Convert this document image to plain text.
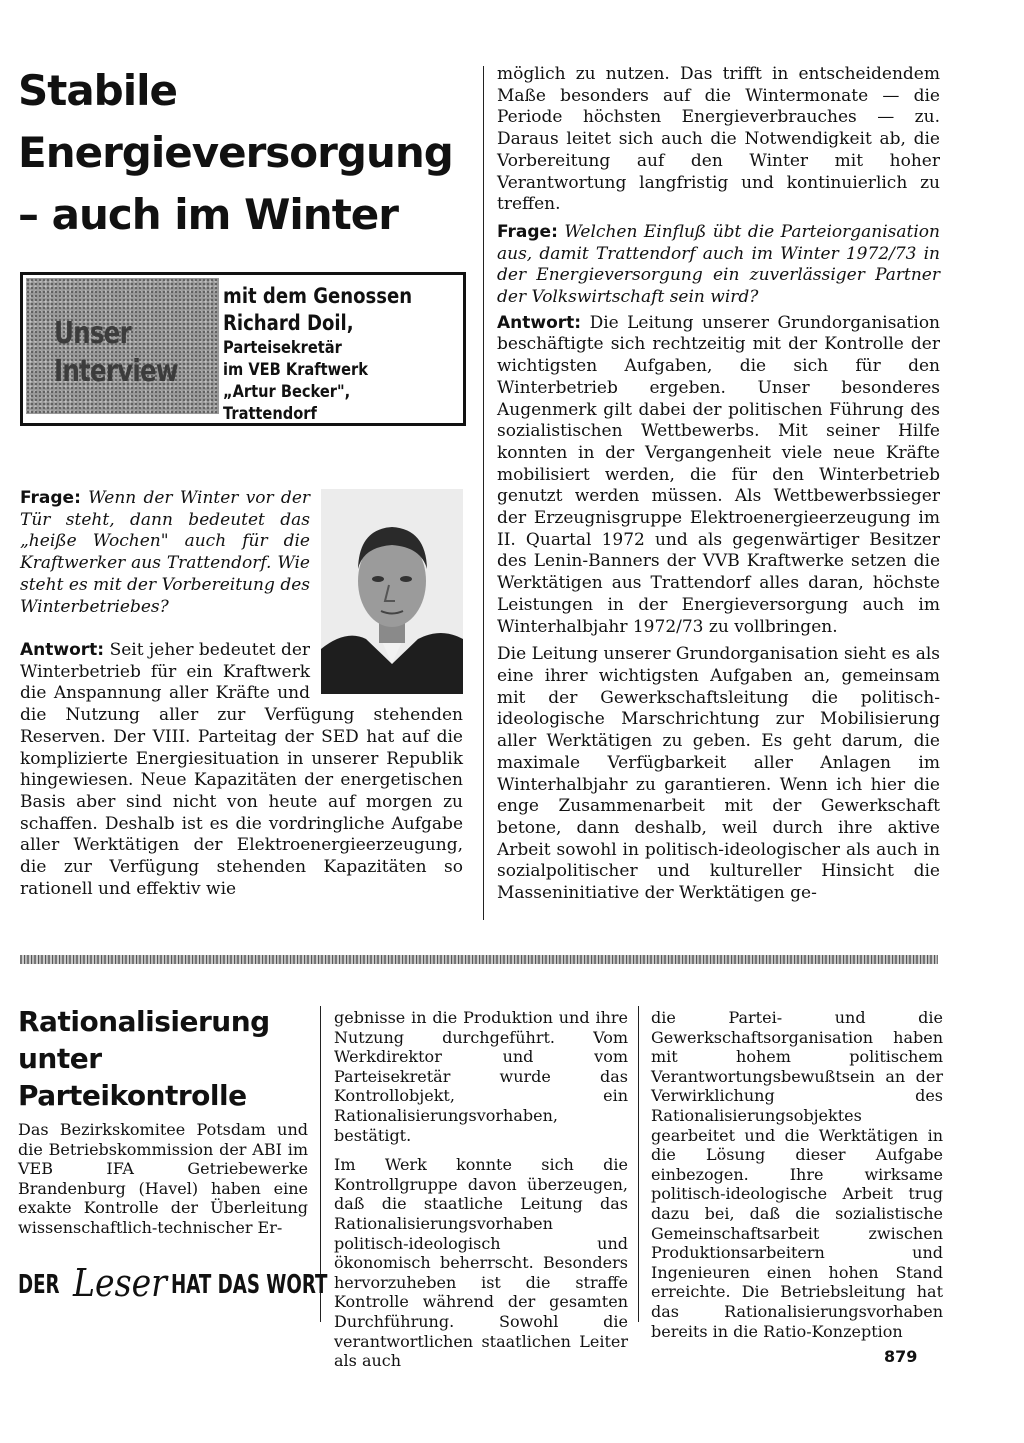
Stabile
Energieversorgung
– auch im Winter
Unser
Interview
mit dem Genossen
Richard Doil,
Parteisekretär
im VEB Kraftwerk
„Artur Becker",
Trattendorf

Frage: Wenn der Winter vor der Tür steht, dann bedeutet das „heiße Wochen" auch für die Kraftwerker aus Trattendorf. Wie steht es mit der Vorbereitung des Winterbetriebes?

Antwort: Seit jeher bedeutet der Winterbetrieb für ein Kraftwerk die Anspannung aller Kräfte und die Nutzung aller zur Verfügung stehenden Reserven. Der VIII. Parteitag der SED hat auf die komplizierte Energiesituation in unserer Republik hingewiesen. Neue Kapazitäten der energetischen Basis aber sind nicht von heute auf morgen zu schaffen. Deshalb ist es die vordringliche Aufgabe aller Werktätigen der Elektroenergieerzeugung, die zur Verfügung stehenden Kapazitäten so rationell und effektiv wie

möglich zu nutzen. Das trifft in entscheidendem Maße besonders auf die Wintermonate — die Periode höchsten Energieverbrauches — zu. Daraus leitet sich auch die Notwendigkeit ab, die Vorbereitung auf den Winter mit hoher Verantwortung langfristig und kontinuierlich zu treffen.

Frage: Welchen Einfluß übt die Parteiorganisation aus, damit Trattendorf auch im Winter 1972/73 in der Energieversorgung ein zuverlässiger Partner der Volkswirtschaft sein wird?

Antwort: Die Leitung unserer Grundorganisation beschäftigte sich rechtzeitig mit der Kontrolle der wichtigsten Aufgaben, die sich für den Winterbetrieb ergeben. Unser besonderes Augenmerk gilt dabei der politischen Führung des sozialistischen Wettbewerbs. Mit seiner Hilfe konnten in der Vergangenheit viele neue Kräfte mobilisiert werden, die für den Winterbetrieb genutzt werden müssen. Als Wettbewerbssieger der Erzeugnisgruppe Elektroenergieerzeugung im II. Quartal 1972 und als gegenwärtiger Besitzer des Lenin-Banners der VVB Kraftwerke setzen die Werktätigen aus Trattendorf alles daran, höchste Leistungen in der Energieversorgung auch im Winterhalbjahr 1972/73 zu vollbringen.

Die Leitung unserer Grundorganisation sieht es als eine ihrer wichtigsten Aufgaben an, gemeinsam mit der Gewerkschaftsleitung die politisch-ideologische Marschrichtung zur Mobilisierung aller Werktätigen zu geben. Es geht darum, die maximale Verfügbarkeit aller Anlagen im Winterhalbjahr zu garantieren. Wenn ich hier die enge Zusammenarbeit mit der Gewerkschaft betone, dann deshalb, weil durch ihre aktive Arbeit sowohl in politisch-ideologischer als auch in sozialpolitischer und kultureller Hinsicht die Masseninitiative der Werktätigen ge-

Rationalisierung
unter
Parteikontrolle

Das Bezirkskomitee Potsdam und die Betriebskommission der ABI im VEB IFA Getriebewerke Brandenburg (Havel) haben eine exakte Kontrolle der Überleitung wissenschaftlich-technischer Er-

gebnisse in die Produktion und ihre Nutzung durchgeführt. Vom Werkdirektor und vom Parteisekretär wurde das Kontrollobjekt, ein Rationalisierungsvorhaben, bestätigt.

Im Werk konnte sich die Kontrollgruppe davon überzeugen, daß die staatliche Leitung das Rationalisierungsvorhaben politisch-ideologisch und ökonomisch beherrscht. Besonders hervorzuheben ist die straffe Kontrolle während der gesamten Durchführung. Sowohl die verantwortlichen staatlichen Leiter als auch

die Partei- und die Gewerkschaftsorganisation haben mit hohem politischem Verantwortungsbewußtsein an der Verwirklichung des Rationalisierungsobjektes gearbeitet und die Werktätigen in die Lösung dieser Aufgabe einbezogen. Ihre wirksame politisch-ideologische Arbeit trug dazu bei, daß die sozialistische Gemeinschaftsarbeit zwischen Produktionsarbeitern und Ingenieuren einen hohen Stand erreichte. Die Betriebsleitung hat das Rationalisierungsvorhaben bereits in die Ratio-Konzeption

DER Leser HAT DAS WORT
879
